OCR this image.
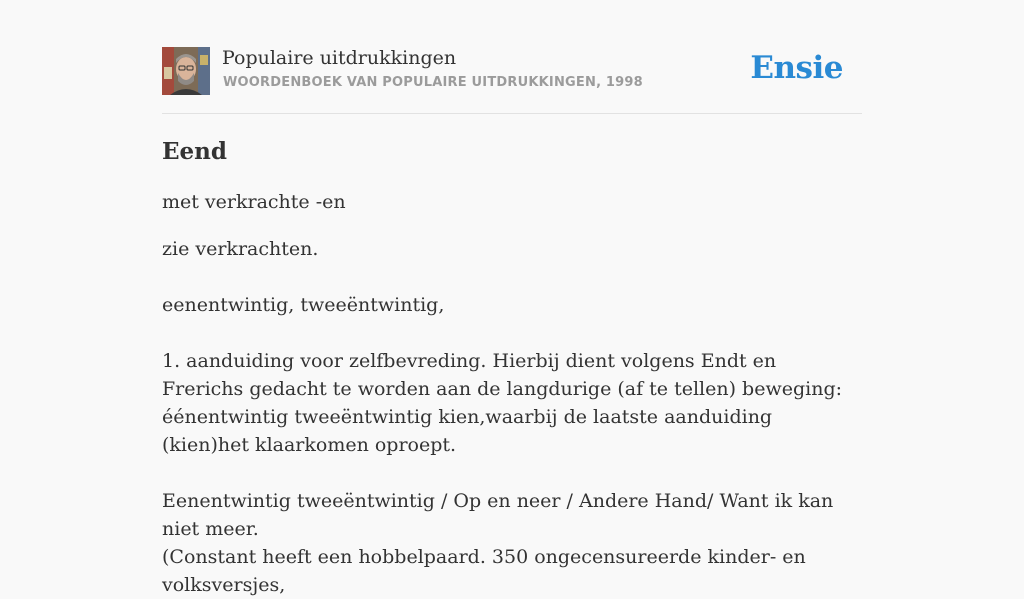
Populaire uitdrukkingen
WOORDENBOEK VAN POPULAIRE UITDRUKKINGEN, 1998	Ensie
Eend
met verkrachte -en
zie verkrachten.

eenentwintig, tweeëntwintig,

1. aanduiding voor zelfbevreding. Hierbij dient volgens Endt en Frerichs gedacht te worden aan de langdurige (af te tellen) beweging: éénentwintig tweeëntwintig kien,waarbij de laatste aanduiding (kien)het klaarkomen oproept.

Eenentwintig tweeëntwintig / Op en neer / Andere Hand/ Want ik kan niet meer.
(Constant heeft een hobbelpaard. 350 ongecensureerde kinder- en volksversjes,
